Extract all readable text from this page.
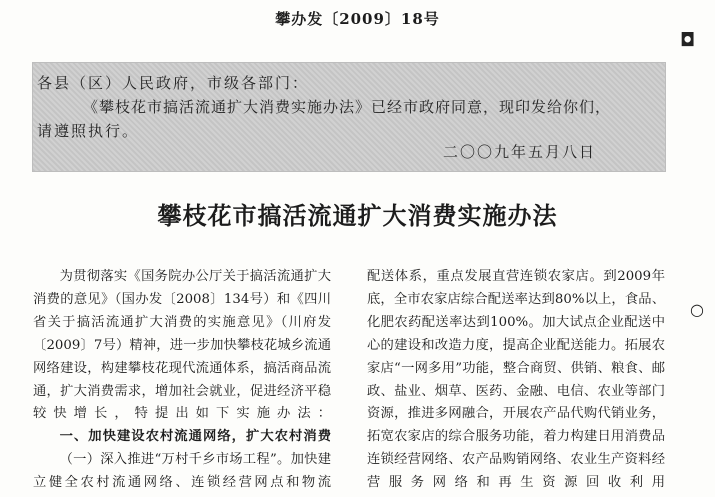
攀办发〔2009〕18号
各县（区）人民政府，市级各部门：
《攀枝花市搞活流通扩大消费实施办法》已经市政府同意，现印发给你们，
请遵照执行。
二〇〇九年五月八日
攀枝花市搞活流通扩大消费实施办法

为贯彻落实《国务院办公厅关于搞活流通扩大消费的意见》（国办发〔2008〕134号）和《四川省关于搞活流通扩大消费的实施意见》（川府发〔2009〕7号）精神，进一步加快攀枝花城乡流通网络建设，构建攀枝花现代流通体系，搞活商品流通，扩大消费需求，增加社会就业，促进经济平稳较快增长，特提出如下实施办法：

一、加快建设农村流通网络，扩大农村消费

（一）深入推进“万村千乡市场工程”。加快建立健全农村流通网络、连锁经营网点和物流

配送体系，重点发展直营连锁农家店。到2009年底，全市农家店综合配送率达到80%以上，食品、化肥农药配送率达到100%。加大试点企业配送中心的建设和改造力度，提高企业配送能力。拓展农家店“一网多用”功能，整合商贸、供销、粮食、邮政、盐业、烟草、医药、金融、电信、农业等部门资源，推进多网融合，开展农产品代购代销业务，拓宽农家店的综合服务功能，着力构建日用消费品连锁经营网络、农产品购销网络、农业生产资料经营服务网络和再生资源回收利用

◘
○
